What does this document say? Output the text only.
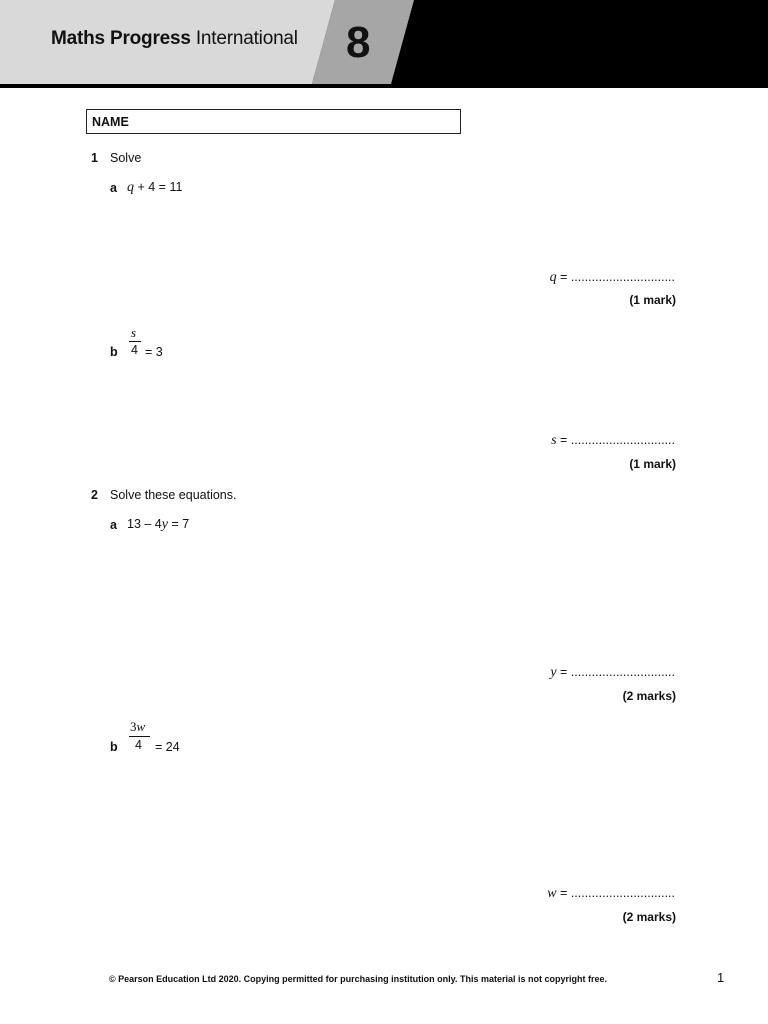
Maths Progress International 8
NAME
1 Solve
a q + 4 = 11
q = ..............................
(1 mark)
b
s
4 = 3
s = ..............................
(1 mark)
2 Solve these equations.
a 13 – 4y = 7
y = ..............................
(2 marks)
b
3w
4 = 24
w = ..............................
(2 marks)
© Pearson Education Ltd 2020. Copying permitted for purchasing institution only. This material is not copyright free.	1
